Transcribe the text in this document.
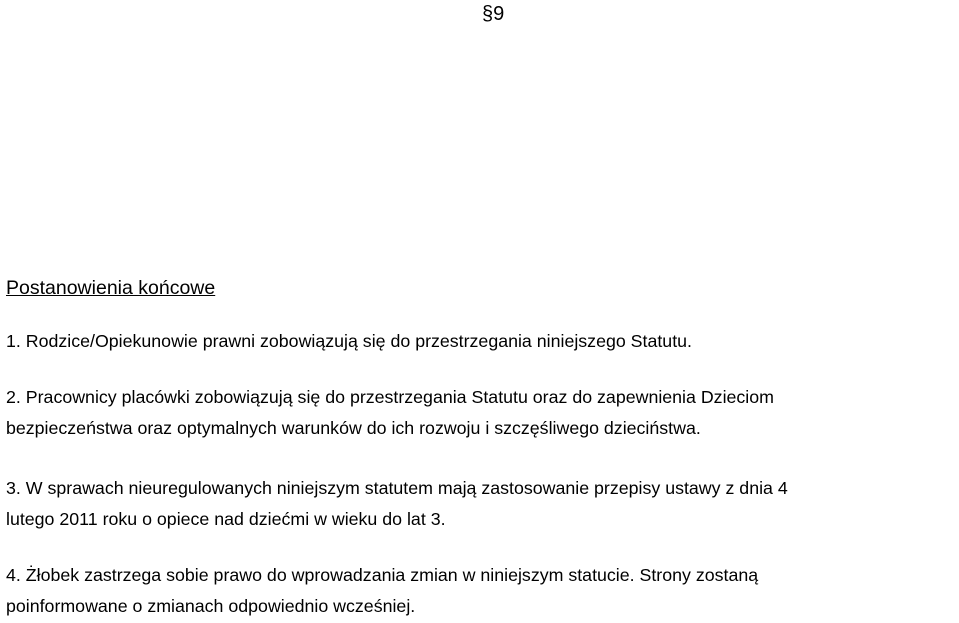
§9
Postanowienia końcowe

1. Rodzice/Opiekunowie prawni zobowiązują się do przestrzegania niniejszego Statutu.

2. Pracownicy placówki zobowiązują się do przestrzegania Statutu oraz do zapewnienia Dzieciom
bezpieczeństwa oraz optymalnych warunków do ich rozwoju i szczęśliwego dzieciństwa.

3. W sprawach nieuregulowanych niniejszym statutem mają zastosowanie przepisy ustawy z dnia 4
lutego 2011 roku o opiece nad dziećmi w wieku do lat 3.

4. Żłobek zastrzega sobie prawo do wprowadzania zmian w niniejszym statucie. Strony zostaną
poinformowane o zmianach odpowiednio wcześniej.
